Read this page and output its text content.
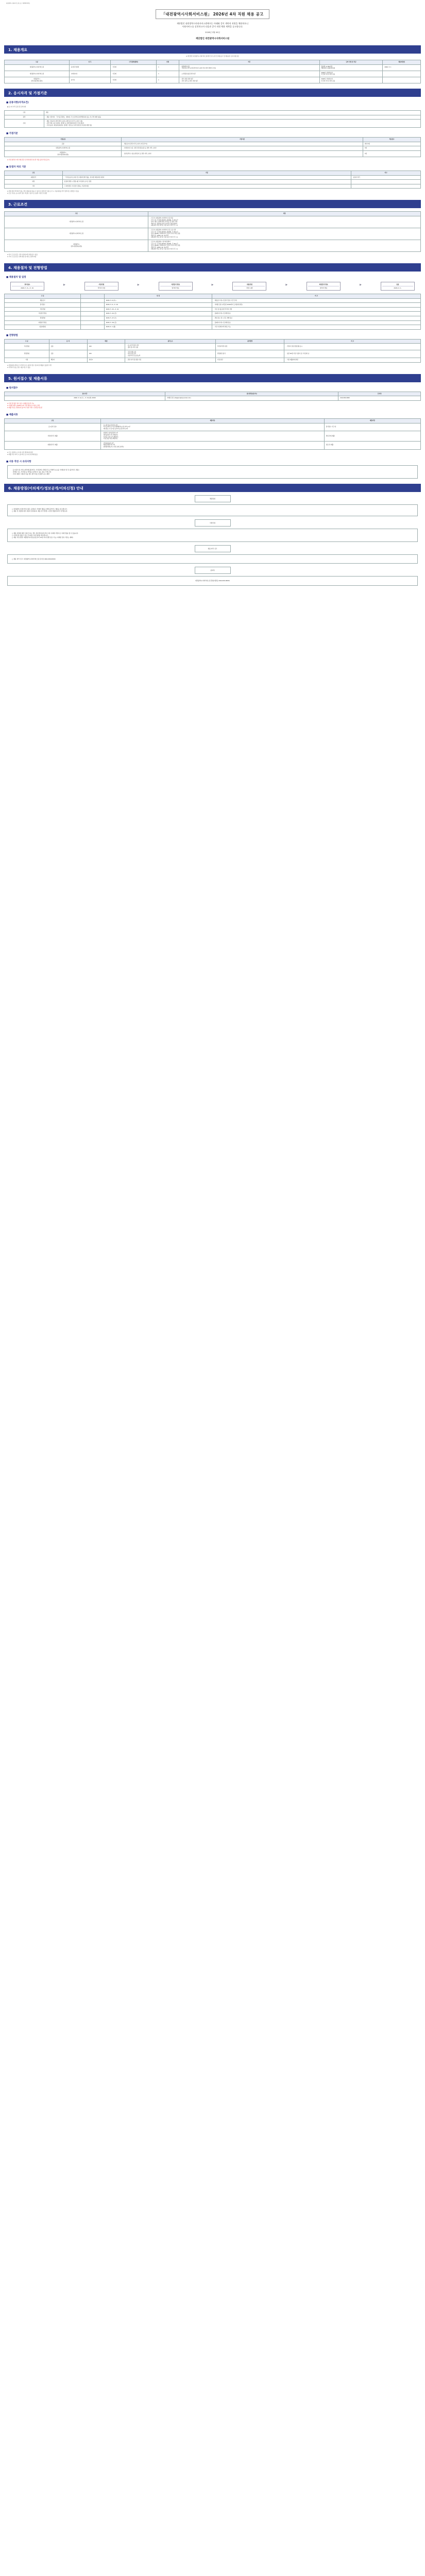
대전광역시사회서비스원 공고 제2026-00호
「대전광역시사회서비스원」 2026년 4차 직원 채용 공고
재단법인 대전광역시사회서비스원에서는 아래와 같이 계약직 직원을 채용하오니
사회서비스를 실천하고자 다음과 같이 직원 채용 계획을 공고합니다.
2026년 3월 00일
재단법인 대전광역시사회서비스원
1. 채용개요
※ 재단법인 대전광역시사회서비스원에서 당사 공인 및 채용공고 및 채용분류 유의사항 참조
구분	업 무	근무형태(형태)	인원	직무	급여 산정 및 직급	채용예정일
대전광역시사회서비스원	육아휴직대체	기간제	1	· 일반행정 업무
· 직원교육·관리 등에 관한 업무 (1회 이상 관련 경력자 우대)	월평액: 4,369천원
채용예정: 2026.05.00	2026. 5. 1
대전광역시사회서비스원	사회복지사	기간제	1	· 노인맞춤 돌봄 관련 업무	2026년 사회복지사
인건비 가이드라인 준용	
대전광역시
정서지원센터(대전)	심리사	기간제	1	· 정서 상담 관련 업무
· 성인 심리 등 관련 사업 업무	2026년 사회복지사
인건비 가이드라인 준용	
2. 응시자격 및 가점기준
■ 공통사항(자격요건)
◆ 응시자 자격 공통 및 유의사항
구분	내용
결격	· 채용 이전까지 「국가공무원법」 제33조 각 호 결격사유에 해당하지 않는 자 (국적 제한 없음)
우대	· 채용 모집분야 관련 경력 보유자 (관련 분야 자격 소지자 우대)
· 지역 인재, 보훈 대상자, 장애인 등 관계 법령에 따른 가점 대상자
· 국가유공자, 취업지원대상자, 장애인 가점 등은 관련 법령 및 서류에 의해 적용
■ 가점기준
가점분류	가점기준	적용점수
공통	· 채용 분야 관련 자격 소지자 (가점 부여)	최대 5점
대전광역시사회서비스원	· 사회복지사 1급, 정신건강전문요원 등 관련 자격 소지자	3점
대전광역시
정서지원센터(대전)	· 임상심리사, 청소년상담사 등 관련 자격 소지자	3점
※ 가점 항목이 여러 개일 경우 유리한 항목 하나만 적용 (중복 적용 불가)
■ 동점자 처리 기준
구분	기준	비고
최종합격	「국가유공자 등 예우 및 지원에 관한 법률」에 따른 취업지원 대상자	동점자 처리
대상	동점자 발생 시 면접시험 고득점자 순으로 결정	
기타	그 외에 경우 이사장이 정하는 기준에 따름	
※ 면접 결과 적격자가 없는 경우 채용하지 않을 수 있으며, 합격자가 임용 포기 시 차순위자를 추가 합격자로 결정할 수 있음
※ 모든 서류는 응시원서 접수 마감일 기준으로 유효한 서류만 인정함
3. 근로조건
구분	내용
대전광역시사회서비스원	· 근무지: 대전광역시사회서비스원 본원
· 근무시간: 주 5일 (09:00~18:00), 주 40시간
· 급여: 재단 규정에 따름 (기본급 및 각종 수당)
· 계약기간: 채용일로부터 육아휴직 종료일까지
· 4대보험 가입, 퇴직금 지급 (1년 이상 근무 시)
대전광역시사회서비스원	· 근무지: 대전광역시사회서비스원 소속 기관
· 근무시간: 주 5일 (09:00~18:00), 주 40시간
· 급여: 2026년 사회복지사 인건비 가이드라인 준용
· 계약기간: 2026. 12. 31.까지
· 4대보험 가입, 퇴직금 지급 (1년 이상 근무 시)
대전광역시
정서지원센터(대전)	· 근무지: 대전광역시 정서지원센터
· 근무시간: 주 5일 (09:00~18:00), 주 40시간
· 급여: 2026년 사회복지사 인건비 가이드라인 준용
· 계약기간: 2026. 12. 31.까지
· 4대보험 가입, 퇴직금 지급 (1년 이상 근무 시)
※ 상기 근로조건은 기관 사정에 따라 변동될 수 있음
※ 기타 근로조건은 관계 법령 및 재단 규정에 따름
4. 채용절차 및 전형방법
■ 채용절차 및 일정
원서접수
2026. 5. 6.~5. 19.
▶	서류전형
적격자 선정
▶	서류합격 발표
합격자 발표
▶	면접전형
면접 시행
▶	최종합격 발표
합격자 발표
▶	임용
2026. 6. 1.
구 분		일 정	비 고
채용공고		2026. 5. 6.(수)~	· 채용공고 게시 및 원서 접수 기간 안내
원서접수		2026. 5. 6.~5. 19.	· 이메일 접수 (마감일 18:00까지 도착분에 한함)
서류전형		2026. 5. 20.~5. 22.	· 서류 심사를 통한 적격자 선정
서류합격 발표		2026. 5. 22.(금)	· 홈페이지 게시 및 개별 통보
면접전형		2026. 5. 27.(수)	· 면접 장소 및 시간은 개별 통보
최종합격 발표		2026. 5. 29.(금)	· 홈페이지 게시 및 개별 통보
임용예정일		2026. 6. 1.(월)	· 기관 사정에 따라 변동 가능
■ 전형방법
구 분	분 야	배점	평가요소	평가방법	비 고
서류전형	공통	100	· 응시자격 충족 여부
· 경력 및 자격 사항	적격/부적격 판정	· 적격자 전원 면접전형 응시
면접전형	공통	100	· 직무수행 능력
· 의사소통 능력
· 전문지식 및 응용능력	면접위원 평가	· 평균 60점 이상 득점자 중 고득점자 순
가점	해당자	최대 5	· 관련 자격 및 법정 가점	가점 합산	· 서류 제출자에 한함
※ 면접위원 과반수가 '부적격'으로 평가한 경우 점수와 관계없이 불합격 처리
※ 적격자가 없는 경우 재공고할 수 있음
5. 원서접수 및 제출서류
■ 원서접수
접수기간	접수방법(접수처)	문의처
2026. 5. 6.(수) ~ 5. 19.(화) 18:00	이메일 접수 (daejeon@dj-social.or.kr)	042-000-0000
※ 우편 및 방문 접수 불가, 이메일 접수만 가능
※ 이메일 제목: [2026년 4차 직원 채용] 응시분야_성명
※ 제출 서류는 반환하지 않으며, 허위 기재 시 합격을 취소함
■ 제출서류
구분	제출서류	제출기한
응시원서 접수	· 응시원서(소정 양식) 1부
· 자기소개서 및 직무수행계획서(소정 양식) 1부
· 개인정보 수집·이용 동의서(소정 양식) 1부	원서접수 기간 내
서류합격 후 제출	· 최종학교 졸업증명서 1부
· 경력증명서 1부 (해당자)
· 자격증 사본 1부 (해당자)
· 가점 증빙 서류 (해당자)	면접 당일 제출
최종합격 후 제출	· 주민등록등본 1부
· 채용신체검사서 1부
· 범죄경력회보서 (기관 조회 동의서)	임용 전 제출
※ 모든 증명서는 공고일 이후 발급분에 한함
※ 제출 서류 미비 시 불이익은 응시자 본인에게 있음
■ 서류 작성 시 유의사항
· 응시원서 및 자기소개서에 출신학교, 가족관계, 신체조건 등 차별적 요소를 기재하지 말 것 (블라인드 채용)
· 이메일 주소, 학교명 등 학력을 유추할 수 있는 정보 기재 금지
· 기재 사항이 사실과 다를 경우 합격 취소 및 향후 응시 제한
6. 채용방침(이의제기/정보공개/이의신청) 안내
채용방침
○ 대전광역시사회서비스원은 공정하고 투명한 채용을 위해 블라인드 채용을 실시합니다.
○ 채용 전 과정에 외부 위원이 참여하며, 채용 비리 발생 시 관련 법령에 따라 처리합니다.
이의신청
○ 채용 과정에 대한 이의가 있는 경우 결과 발표일로부터 7일 이내에 서면으로 이의신청을 할 수 있습니다.
○ 이의신청 내용은 검토 후 10일 이내 결과를 통보합니다.
○ 채용 서류 반환: 최종합격자 발표일로부터 14일 이내 반환 청구 가능 (이메일 접수 서류는 제외)
채용 비리 신고
○ 채용 비리 신고: 대전광역시사회서비스원 감사실 (042-000-0000)
문의처
대전광역시사회서비스원 경영지원팀 (042-000-0000)
